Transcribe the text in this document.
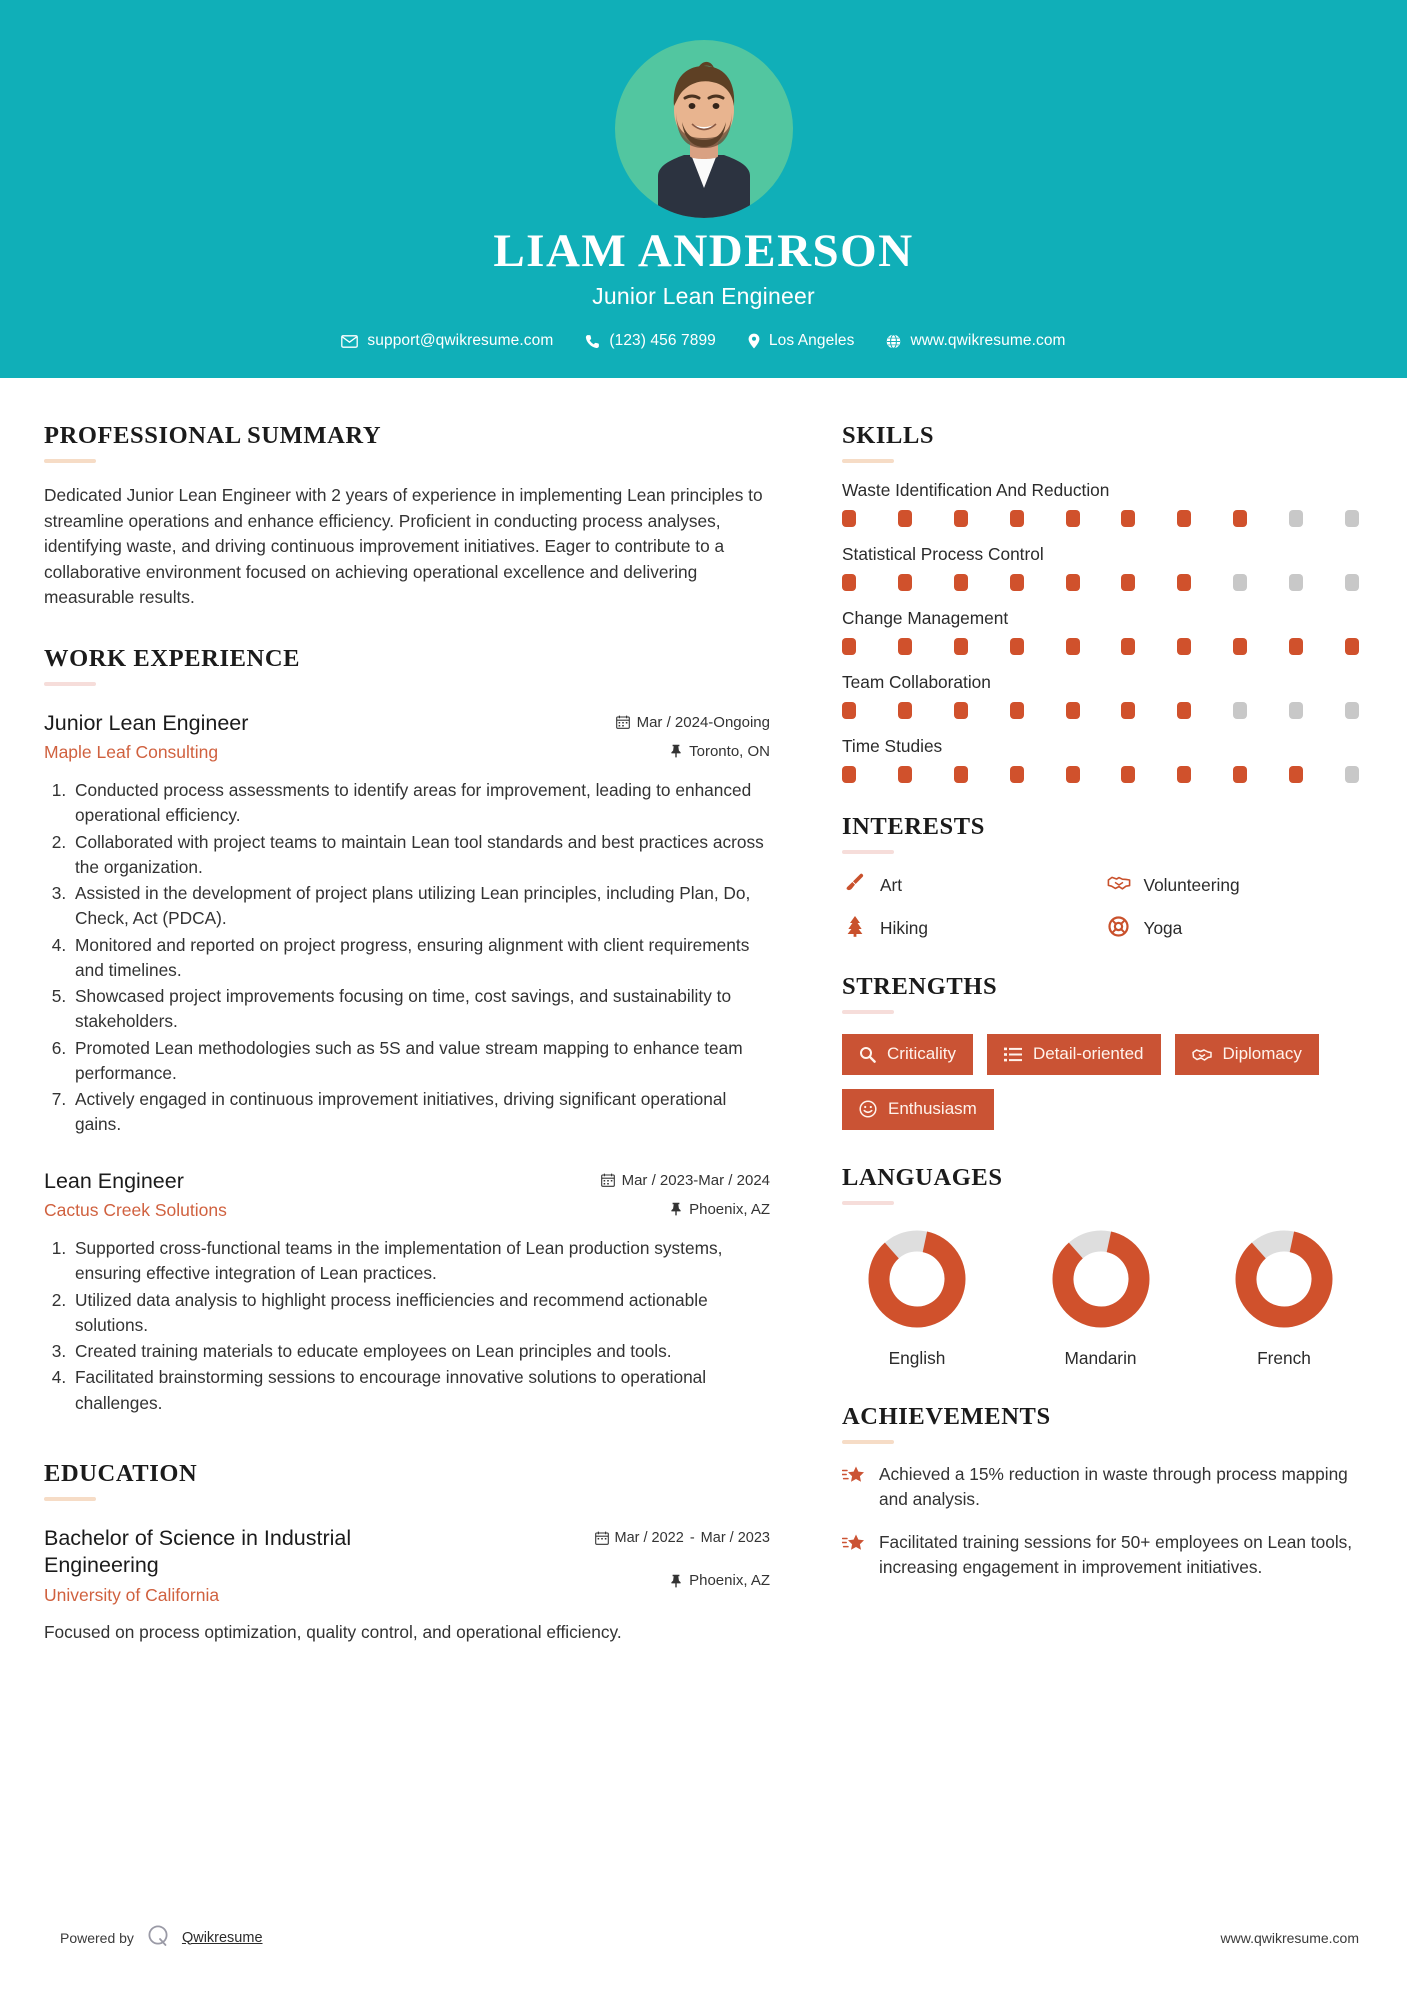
LIAM ANDERSON
Junior Lean Engineer
support@qwikresume.com	(123) 456 7899	Los Angeles	www.qwikresume.com
PROFESSIONAL SUMMARY

Dedicated Junior Lean Engineer with 2 years of experience in implementing Lean principles to streamline operations and enhance efficiency. Proficient in conducting process analyses, identifying waste, and driving continuous improvement initiatives. Eager to contribute to a collaborative environment focused on achieving operational excellence and delivering measurable results.

WORK EXPERIENCE
Junior Lean Engineer
Maple Leaf Consulting
Mar / 2024-Ongoing
Toronto, ON
1. Conducted process assessments to identify areas for improvement, leading to enhanced operational efficiency.
2. Collaborated with project teams to maintain Lean tool standards and best practices across the organization.
3. Assisted in the development of project plans utilizing Lean principles, including Plan, Do, Check, Act (PDCA).
4. Monitored and reported on project progress, ensuring alignment with client requirements and timelines.
5. Showcased project improvements focusing on time, cost savings, and sustainability to stakeholders.
6. Promoted Lean methodologies such as 5S and value stream mapping to enhance team performance.
7. Actively engaged in continuous improvement initiatives, driving significant operational gains.
Lean Engineer
Cactus Creek Solutions
Mar / 2023-Mar / 2024
Phoenix, AZ
1. Supported cross-functional teams in the implementation of Lean production systems, ensuring effective integration of Lean practices.
2. Utilized data analysis to highlight process inefficiencies and recommend actionable solutions.
3. Created training materials to educate employees on Lean principles and tools.
4. Facilitated brainstorming sessions to encourage innovative solutions to operational challenges.
EDUCATION
Bachelor of Science in Industrial Engineering
University of California
Mar / 2022 - Mar / 2023
Phoenix, AZ

Focused on process optimization, quality control, and operational efficiency.

SKILLS
Waste Identification And Reduction
Statistical Process Control
Change Management
Team Collaboration
Time Studies
INTERESTS
Art	Volunteering
Hiking	Yoga
STRENGTHS
Criticality	Detail-oriented	Diplomacy
Enthusiasm
LANGUAGES
English	Mandarin	French
ACHIEVEMENTS
Achieved a 15% reduction in waste through process mapping and analysis.
Facilitated training sessions for 50+ employees on Lean tools, increasing engagement in improvement initiatives.
Powered by	Qwikresume	www.qwikresume.com
